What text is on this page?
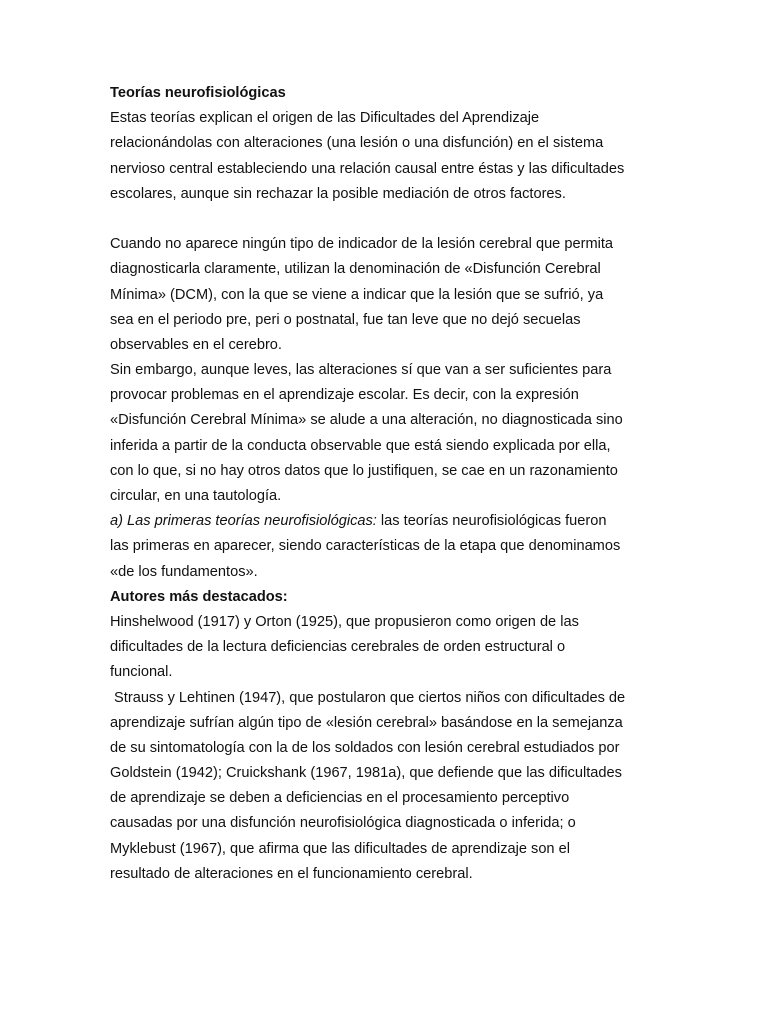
Teorías neurofisiológicas
Estas teorías explican el origen de las Dificultades del Aprendizaje
relacionándolas con alteraciones (una lesión o una disfunción) en el sistema
nervioso central estableciendo una relación causal entre éstas y las dificultades
escolares, aunque sin rechazar la posible mediación de otros factores.
Cuando no aparece ningún tipo de indicador de la lesión cerebral que permita
diagnosticarla claramente, utilizan la denominación de «Disfunción Cerebral
Mínima» (DCM), con la que se viene a indicar que la lesión que se sufrió, ya
sea en el periodo pre, peri o postnatal, fue tan leve que no dejó secuelas
observables en el cerebro.
Sin embargo, aunque leves, las alteraciones sí que van a ser suficientes para
provocar problemas en el aprendizaje escolar. Es decir, con la expresión
«Disfunción Cerebral Mínima» se alude a una alteración, no diagnosticada sino
inferida a partir de la conducta observable que está siendo explicada por ella,
con lo que, si no hay otros datos que lo justifiquen, se cae en un razonamiento
circular, en una tautología.
a) Las primeras teorías neurofisiológicas: las teorías neurofisiológicas fueron
las primeras en aparecer, siendo características de la etapa que denominamos
«de los fundamentos».
Autores más destacados:
Hinshelwood (1917) y Orton (1925), que propusieron como origen de las
dificultades de la lectura deficiencias cerebrales de orden estructural o
funcional.
Strauss y Lehtinen (1947), que postularon que ciertos niños con dificultades de
aprendizaje sufrían algún tipo de «lesión cerebral» basándose en la semejanza
de su sintomatología con la de los soldados con lesión cerebral estudiados por
Goldstein (1942); Cruickshank (1967, 1981a), que defiende que las dificultades
de aprendizaje se deben a deficiencias en el procesamiento perceptivo
causadas por una disfunción neurofisiológica diagnosticada o inferida; o
Myklebust (1967), que afirma que las dificultades de aprendizaje son el
resultado de alteraciones en el funcionamiento cerebral.
